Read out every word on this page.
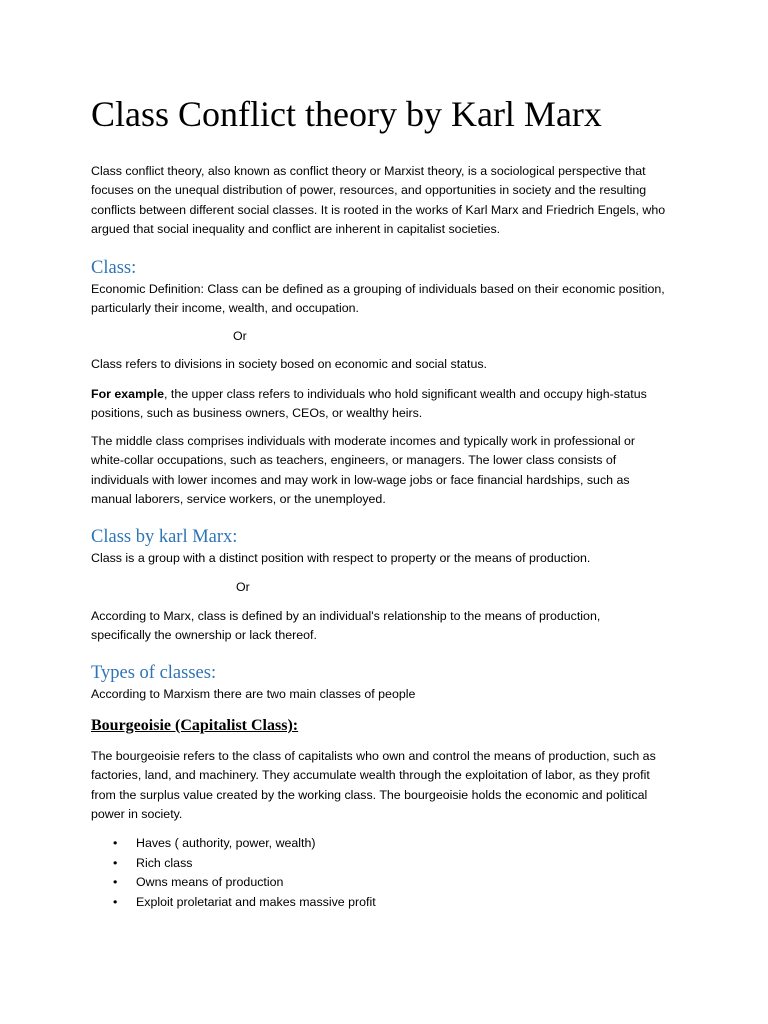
Class Conflict theory by Karl Marx

Class conflict theory, also known as conflict theory or Marxist theory, is a sociological perspective that
focuses on the unequal distribution of power, resources, and opportunities in society and the resulting
conflicts between different social classes. It is rooted in the works of Karl Marx and Friedrich Engels, who
argued that social inequality and conflict are inherent in capitalist societies.

Class:

Economic Definition: Class can be defined as a grouping of individuals based on their economic position,
particularly their income, wealth, and occupation.

Or

Class refers to divisions in society bosed on economic and social status.

For example, the upper class refers to individuals who hold significant wealth and occupy high-status
positions, such as business owners, CEOs, or wealthy heirs.

The middle class comprises individuals with moderate incomes and typically work in professional or
white-collar occupations, such as teachers, engineers, or managers. The lower class consists of
individuals with lower incomes and may work in low-wage jobs or face financial hardships, such as
manual laborers, service workers, or the unemployed.

Class by karl Marx:

Class is a group with a distinct position with respect to property or the means of production.

Or

According to Marx, class is defined by an individual's relationship to the means of production,
specifically the ownership or lack thereof.

Types of classes:

According to Marxism there are two main classes of people

Bourgeoisie (Capitalist Class):

The bourgeoisie refers to the class of capitalists who own and control the means of production, such as
factories, land, and machinery. They accumulate wealth through the exploitation of labor, as they profit
from the surplus value created by the working class. The bourgeoisie holds the economic and political
power in society.

• Haves ( authority, power, wealth)
• Rich class
• Owns means of production
• Exploit proletariat and makes massive profit
